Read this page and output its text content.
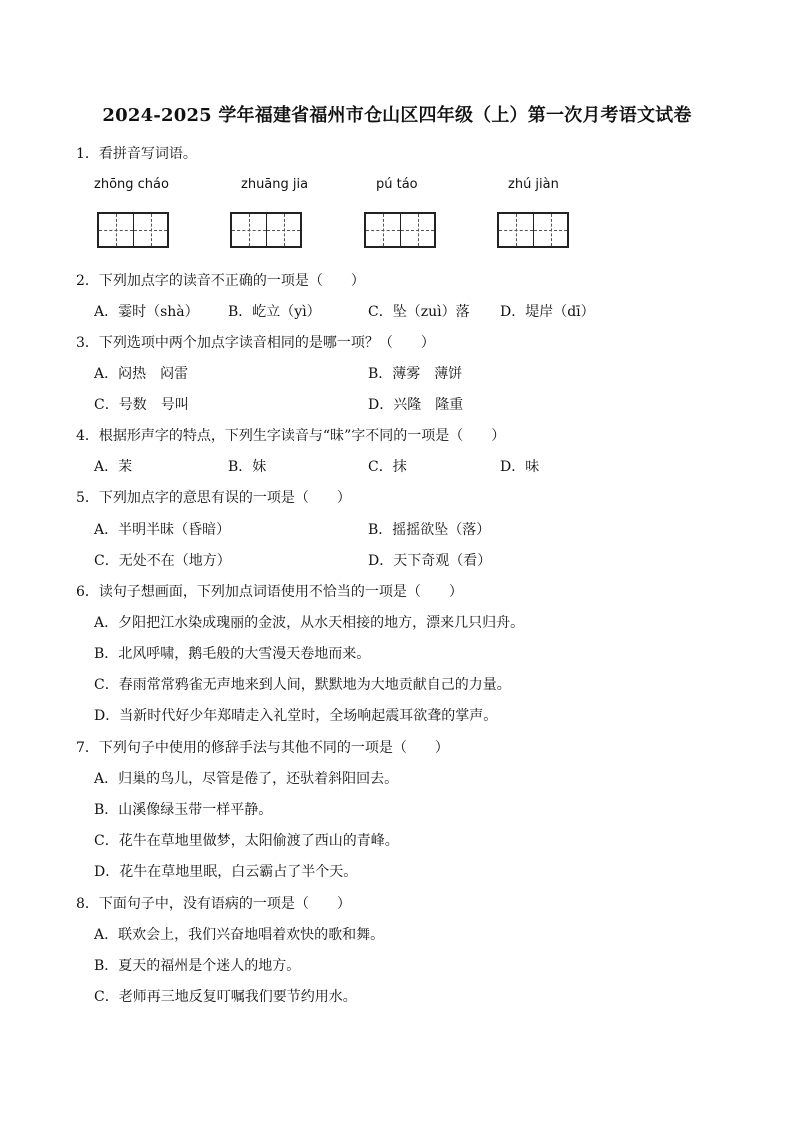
2024-2025 学年福建省福州市仓山区四年级（上）第一次月考语文试卷
1．看拼音写词语。
zhōng cháo	zhuāng jia	pú táo	zhú jiàn
2．下列加点字的读音不正确的一项是（　　）
A．霎时（shà） B．屹立（yì）	C．坠（zuì）落 D．堤岸（dī）
3．下列选项中两个加点字读音相同的是哪一项？（　　）
A．闷热　闷雷	B．薄雾　薄饼
C．号数　号叫	D．兴隆　隆重
4．根据形声字的特点，下列生字读音与“昧”字不同的一项是（　　）
A．茉	B．妹	C．抹	D．味
5．下列加点字的意思有误的一项是（　　）
A．半明半昧（昏暗）	B．摇摇欲坠（落）
C．无处不在（地方）	D．天下奇观（看）
6．读句子想画面，下列加点词语使用不恰当的一项是（　　）
A．夕阳把江水染成瑰丽的金波，从水天相接的地方，漂来几只归舟。
B．北风呼啸，鹅毛般的大雪漫天卷地而来。
C．春雨常常鸦雀无声地来到人间，默默地为大地贡献自己的力量。
D．当新时代好少年郑晴走入礼堂时，全场响起震耳欲聋的掌声。
7．下列句子中使用的修辞手法与其他不同的一项是（　　）
A．归巢的鸟儿，尽管是倦了，还驮着斜阳回去。
B．山溪像绿玉带一样平静。
C．花牛在草地里做梦，太阳偷渡了西山的青峰。
D．花牛在草地里眠，白云霸占了半个天。
8．下面句子中，没有语病的一项是（　　）
A．联欢会上，我们兴奋地唱着欢快的歌和舞。
B．夏天的福州是个迷人的地方。
C．老师再三地反复叮嘱我们要节约用水。
